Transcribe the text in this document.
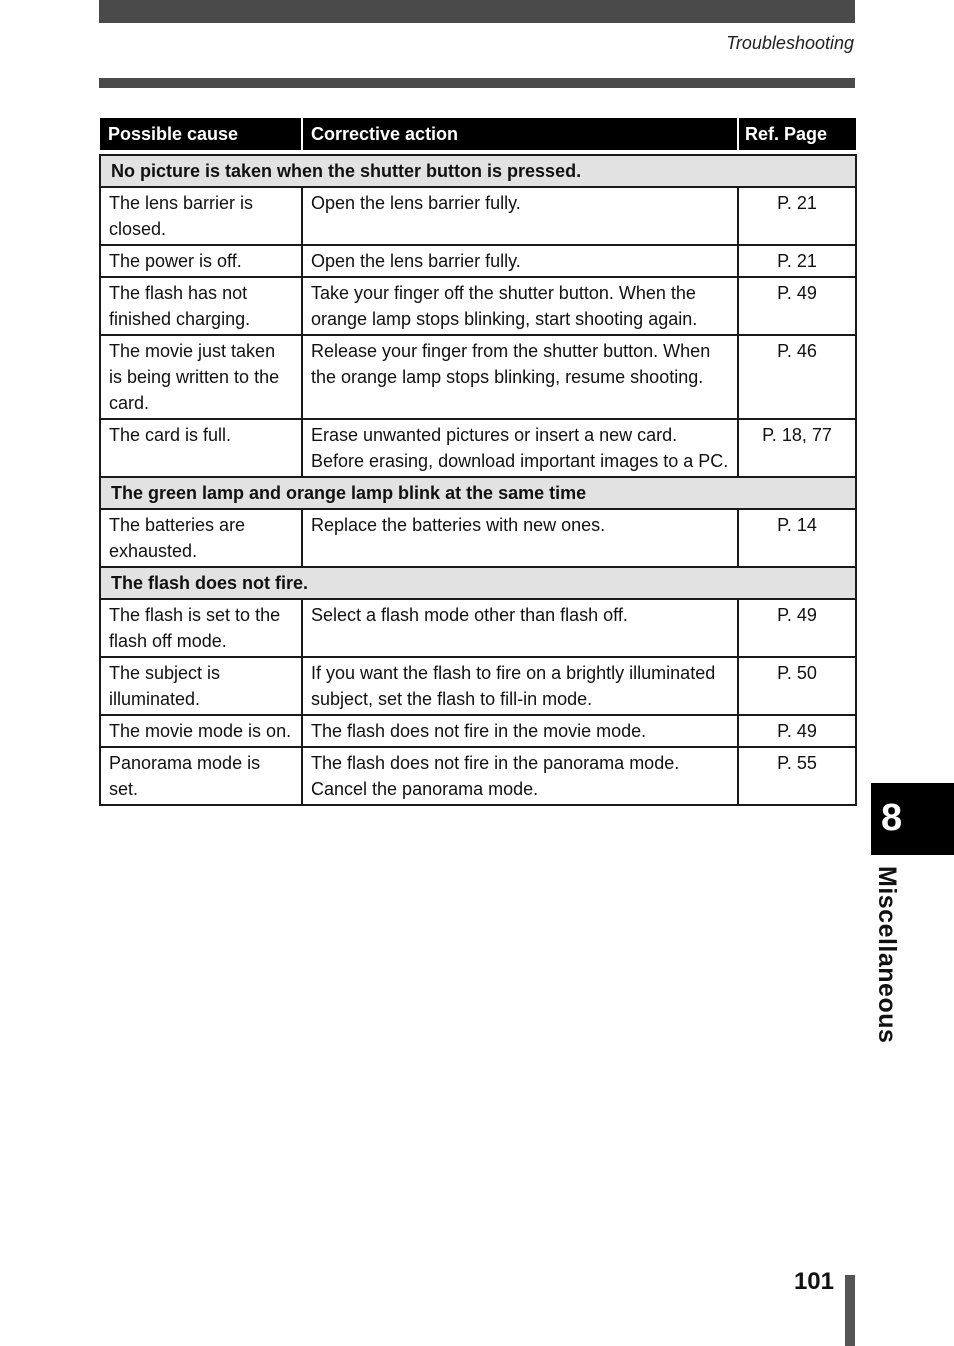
Troubleshooting
Possible cause	Corrective action	Ref. Page

No picture is taken when the shutter button is pressed.		
The lens barrier is closed.	Open the lens barrier fully.	P. 21
The power is off.	Open the lens barrier fully.	P. 21
The flash has not finished charging.	Take your finger off the shutter button. When the orange lamp stops blinking, start shooting again.	P. 49
The movie just taken is being written to the card.	Release your finger from the shutter button. When the orange lamp stops blinking, resume shooting.	P. 46
The card is full.	Erase unwanted pictures or insert a new card. Before erasing, download important images to a PC.	P. 18, 77
The green lamp and orange lamp blink at the same time		
The batteries are exhausted.	Replace the batteries with new ones.	P. 14
The flash does not fire.		
The flash is set to the flash off mode.	Select a flash mode other than flash off.	P. 49
The subject is illuminated.	If you want the flash to fire on a brightly illuminated subject, set the flash to fill-in mode.	P. 50
The movie mode is on.	The flash does not fire in the movie mode.	P. 49
Panorama mode is set.	The flash does not fire in the panorama mode. Cancel the panorama mode.	P. 55
8
Miscellaneous
101
